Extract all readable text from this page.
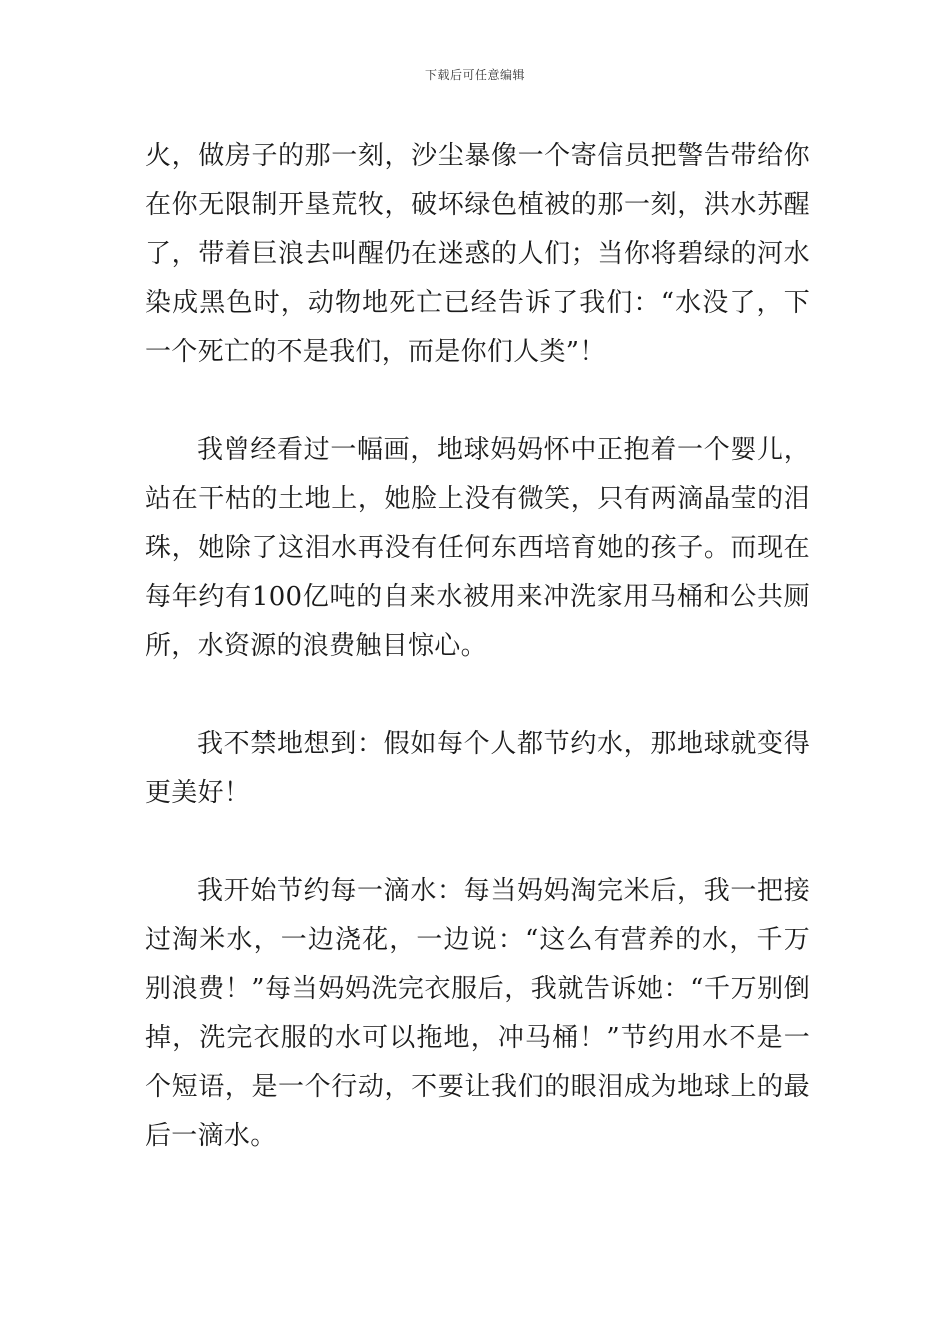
下载后可任意编辑

火，做房子的那一刻，沙尘暴像一个寄信员把警告带给你在你无限制开垦荒牧，破坏绿色植被的那一刻，洪水苏醒了，带着巨浪去叫醒仍在迷惑的人们；当你将碧绿的河水染成黑色时，动物地死亡已经告诉了我们：“水没了，下一个死亡的不是我们，而是你们人类”！

我曾经看过一幅画，地球妈妈怀中正抱着一个婴儿，站在干枯的土地上，她脸上没有微笑，只有两滴晶莹的泪珠，她除了这泪水再没有任何东西培育她的孩子。而现在每年约有100亿吨的自来水被用来冲洗家用马桶和公共厕所，水资源的浪费触目惊心。

我不禁地想到：假如每个人都节约水，那地球就变得更美好！

我开始节约每一滴水：每当妈妈淘完米后，我一把接过淘米水，一边浇花，一边说：“这么有营养的水，千万别浪费！”每当妈妈洗完衣服后，我就告诉她：“千万别倒掉，洗完衣服的水可以拖地，冲马桶！”节约用水不是一个短语，是一个行动，不要让我们的眼泪成为地球上的最后一滴水。
